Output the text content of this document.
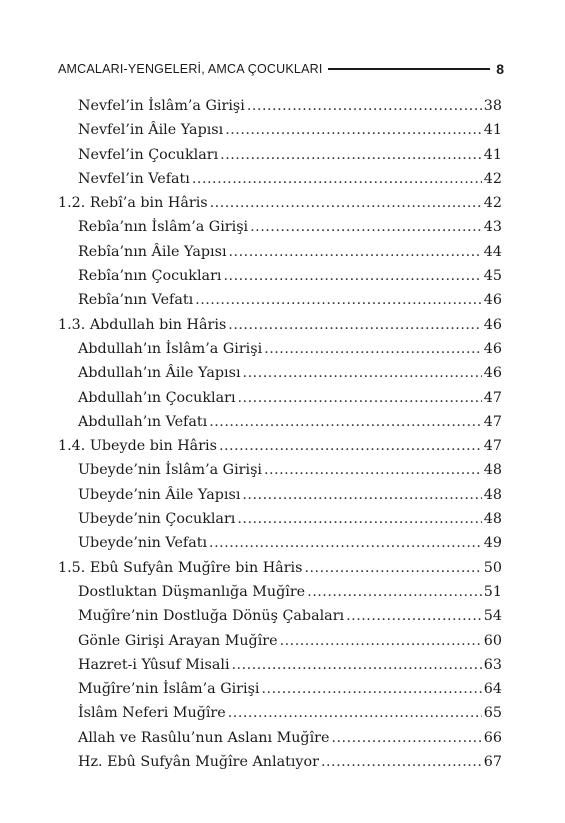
AMCALARI-YENGELERİ, AMCA ÇOCUKLARI	8
Nevfel’in İslâm’a Girişi .....	38
Nevfel’in Âile Yapısı .....	41
Nevfel’in Çocukları .....	41
Nevfel’in Vefatı .....	42
1.2. Rebî’a bin Hâris .....	42
Rebîa’nın İslâm’a Girişi .....	43
Rebîa’nın Âile Yapısı .....	44
Rebîa’nın Çocukları .....	45
Rebîa’nın Vefatı .....	46
1.3. Abdullah bin Hâris .....	46
Abdullah’ın İslâm’a Girişi .....	46
Abdullah’ın Âile Yapısı .....	46
Abdullah’ın Çocukları .....	47
Abdullah’ın Vefatı .....	47
1.4. Ubeyde bin Hâris .....	47
Ubeyde’nin İslâm’a Girişi .....	48
Ubeyde’nin Âile Yapısı .....	48
Ubeyde’nin Çocukları .....	48
Ubeyde’nin Vefatı .....	49
1.5. Ebû Sufyân Muğîre bin Hâris .....	50
Dostluktan Düşmanlığa Muğîre .....	51
Muğîre’nin Dostluğa Dönüş Çabaları .....	54
Gönle Girişi Arayan Muğîre .....	60
Hazret-i Yûsuf Misali .....	63
Muğîre’nin İslâm’a Girişi .....	64
İslâm Neferi Muğîre .....	65
Allah ve Rasûlu’nun Aslanı Muğîre .....	66
Hz. Ebû Sufyân Muğîre Anlatıyor .....	67
